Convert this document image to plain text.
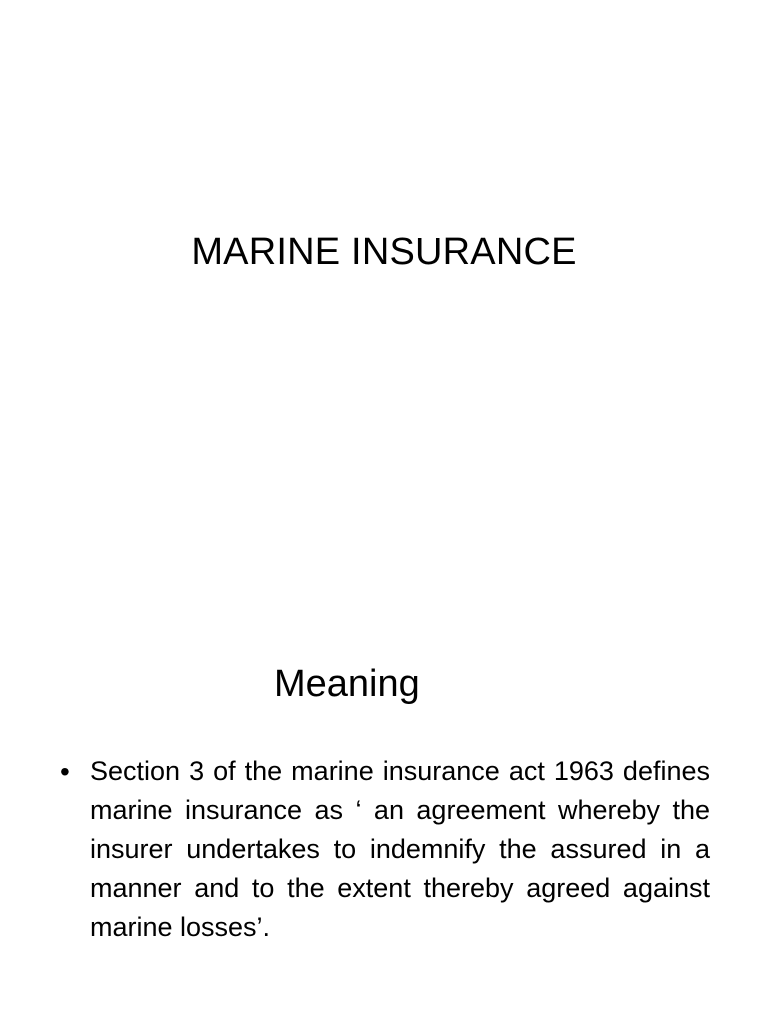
MARINE INSURANCE
Meaning
• Section 3 of the marine insurance act 1963 defines marine insurance as ‘ an agreement whereby the insurer undertakes to indemnify the assured in a manner and to the extent thereby agreed against marine losses’.
